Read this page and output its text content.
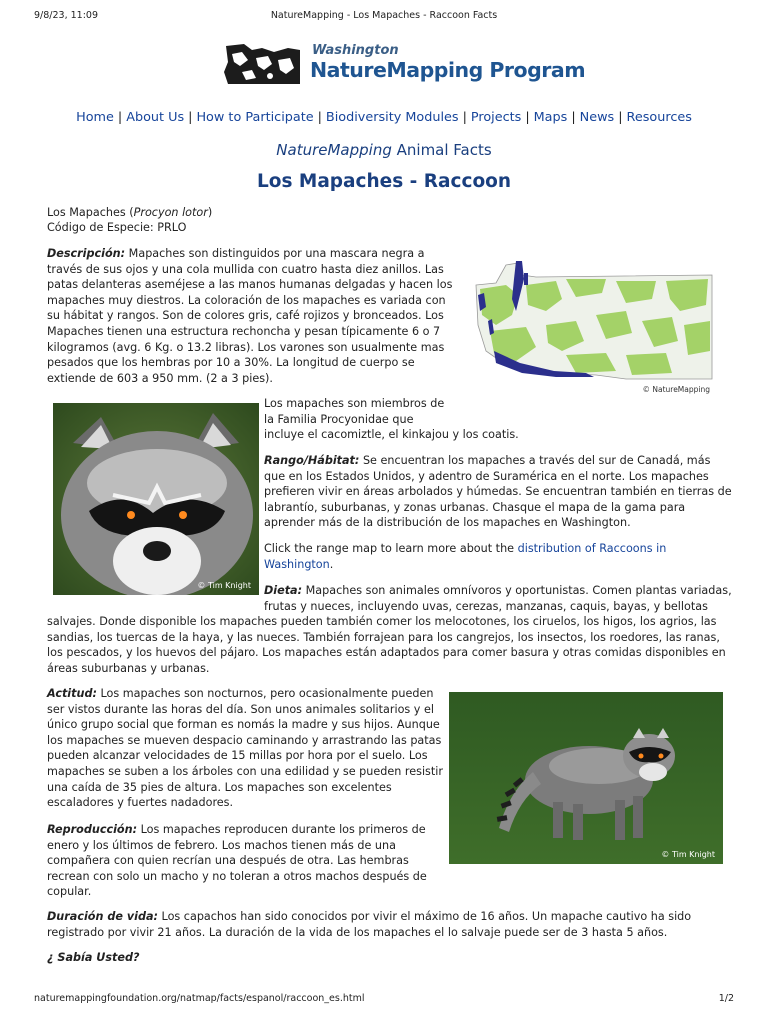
9/8/23, 11:09	NatureMapping - Los Mapaches - Raccoon Facts
Washington
NatureMapping Program
Home | About Us | How to Participate | Biodiversity Modules | Projects | Maps | News | Resources
NatureMapping Animal Facts
Los Mapaches - Raccoon

Los Mapaches (Procyon lotor)

Código de Especie: PRLO

Descripción: Mapaches son distinguidos por una mascara negra a
través de sus ojos y una cola mullida con cuatro hasta diez anillos. Las
patas delanteras aseméjese a las manos humanas delgadas y hacen los
mapaches muy diestros. La coloración de los mapaches es variada con
su hábitat y rangos. Son de colores gris, café rojizos y bronceados. Los
Mapaches tienen una estructura rechoncha y pesan típicamente 6 o 7
kilogramos (avg. 6 Kg. o 13.2 libras). Los varones son usualmente mas
pesados que los hembras por 10 a 30%. La longitud de cuerpo se
extiende de 603 a 950 mm. (2 a 3 pies).

© NatureMapping
© Tim Knight

Los mapaches son miembros de
la Familia Procyonidae que
incluye el cacomiztle, el kinkajou y los coatis.

Rango/Hábitat: Se encuentran los mapaches a través del sur de Canadá, más
que en los Estados Unidos, y adentro de Suramérica en el norte. Los mapaches
prefieren vivir en áreas arbolados y húmedas. Se encuentran también en tierras de
labrantío, suburbanas, y zonas urbanas. Chasque el mapa de la gama para
aprender más de la distribución de los mapaches en Washington.

Click the range map to learn more about the distribution of Raccoons in
Washington.

Dieta: Mapaches son animales omnívoros y oportunistas. Comen plantas variadas,
frutas y nueces, incluyendo uvas, cerezas, manzanas, caquis, bayas, y bellotas

salvajes. Donde disponible los mapaches pueden también comer los melocotones, los ciruelos, los higos, los agrios, las
sandias, los tuercas de la haya, y las nueces. También forrajean para los cangrejos, los insectos, los roedores, las ranas,
los pescados, y los huevos del pájaro. Los mapaches están adaptados para comer basura y otras comidas disponibles en
áreas suburbanas y urbanas.

Actitud: Los mapaches son nocturnos, pero ocasionalmente pueden
ser vistos durante las horas del día. Son unos animales solitarios y el
único grupo social que forman es nomás la madre y sus hijos. Aunque
los mapaches se mueven despacio caminando y arrastrando las patas
pueden alcanzar velocidades de 15 millas por hora por el suelo. Los
mapaches se suben a los árboles con una edilidad y se pueden resistir
una caída de 35 pies de altura. Los mapaches son excelentes
escaladores y fuertes nadadores.

© Tim Knight

Reproducción: Los mapaches reproducen durante los primeros de
enero y los últimos de febrero. Los machos tienen más de una
compañera con quien recrían una después de otra. Las hembras
recrean con solo un macho y no toleran a otros machos después de
copular.

Duración de vida: Los capachos han sido conocidos por vivir el máximo de 16 años. Un mapache cautivo ha sido
registrado por vivir 21 años. La duración de la vida de los mapaches el lo salvaje puede ser de 3 hasta 5 años.

¿ Sabía Usted?

naturemappingfoundation.org/natmap/facts/espanol/raccoon_es.html	1/2
